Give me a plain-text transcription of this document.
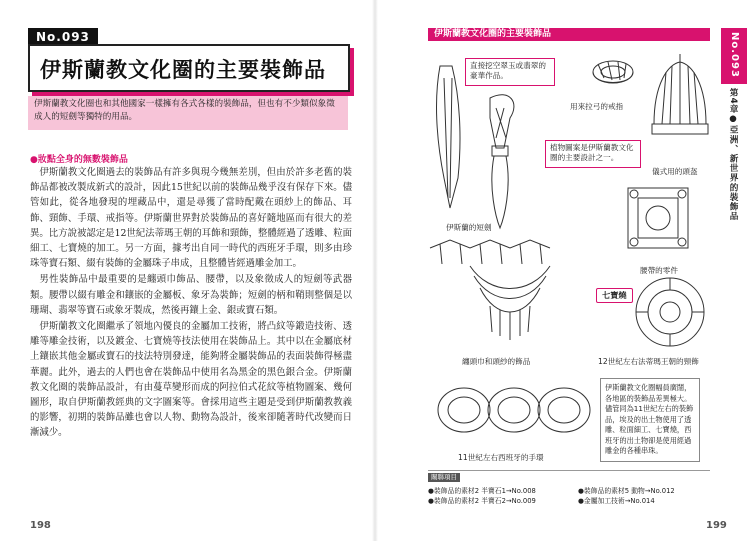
No.093
伊斯蘭教文化圈的主要裝飾品
伊斯蘭教文化圈也和其他國家一樣擁有各式各樣的裝飾品，但也有不少類似象徵成人的短劍等獨特的用品。
●妝點全身的無數裝飾品

伊斯蘭教文化圈過去的裝飾品有許多與現今幾無差別，但由於許多老舊的裝飾品都被改製成新式的設計，因此15世紀以前的裝飾品幾乎沒有保存下來。儘管如此，從各地發現的埋藏品中，還是尋獲了當時配戴在頭紗上的飾品、耳飾、頸飾、手環、戒指等。伊斯蘭世界對於裝飾品的喜好隨地區而有很大的差異。比方說被認定是12世紀法蒂瑪王朝的耳飾和頸飾，整體經過了透雕、粒面細工、七寶燒的加工。另一方面，據考出自同一時代的西班牙手環，則多由珍珠等寶石類、綴有裝飾的金屬珠子串成，且整體皆經過雕金加工。

男性裝飾品中最重要的是纏頭巾飾品、腰帶，以及象徵成人的短劍等武器類。腰帶以綴有雕金和鑲嵌的金屬板、象牙為裝飾；短劍的柄和鞘則整個是以珊瑚、翡翠等寶石或象牙製成，然後再鑲上金、銀或寶石類。

伊斯蘭教文化圈繼承了領地內優良的金屬加工技術，將凸紋等鍛造技術、透雕等雕金技術，以及鍍金、七寶燒等技法使用在裝飾品上。其中以在金屬底材上鑲嵌其他金屬或寶石的技法特別發達，能夠將金屬裝飾品的表面裝飾得極盡華麗。此外，過去的人們也會在裝飾品中使用名為黑金的黑色銀合金。伊斯蘭教文化圈的裝飾品設計，有由蔓草變形而成的阿拉伯式花紋等植物圖案、幾何圖形，取自伊斯蘭教經典的文字圖案等。會採用這些主題是受到伊斯蘭教教義的影響，初期的裝飾品雖也會以人物、動物為設計，後來卻隨著時代改變而日漸減少。

198
伊斯蘭教文化圈的主要裝飾品	No.093
第4章●亞洲、新世界的裝飾品
直接挖空翠玉或翡翠的豪華作品。
用來拉弓的戒指
儀式用的頭盔
植物圖案是伊斯蘭教文化圈的主要設計之一。
伊斯蘭的短劍
腰帶的零件
纏頭巾和頭紗的飾品
七寶燒
12世紀左右法蒂瑪王朝的頸飾
11世紀左右西班牙的手環
伊斯蘭教文化圈幅員廣闊，各地區的裝飾品差異極大。儘管同為11世紀左右的裝飾品，埃及的出土物使用了透雕、粒面細工、七寶燒，西班牙的出土物卻是使用經過雕金的各種串珠。
關聯項目
●裝飾品的素材2 半寶石1→No.008	●裝飾品的素材5 動物→No.012
●裝飾品的素材2 半寶石2→No.009	●金屬加工技術→No.014
199
